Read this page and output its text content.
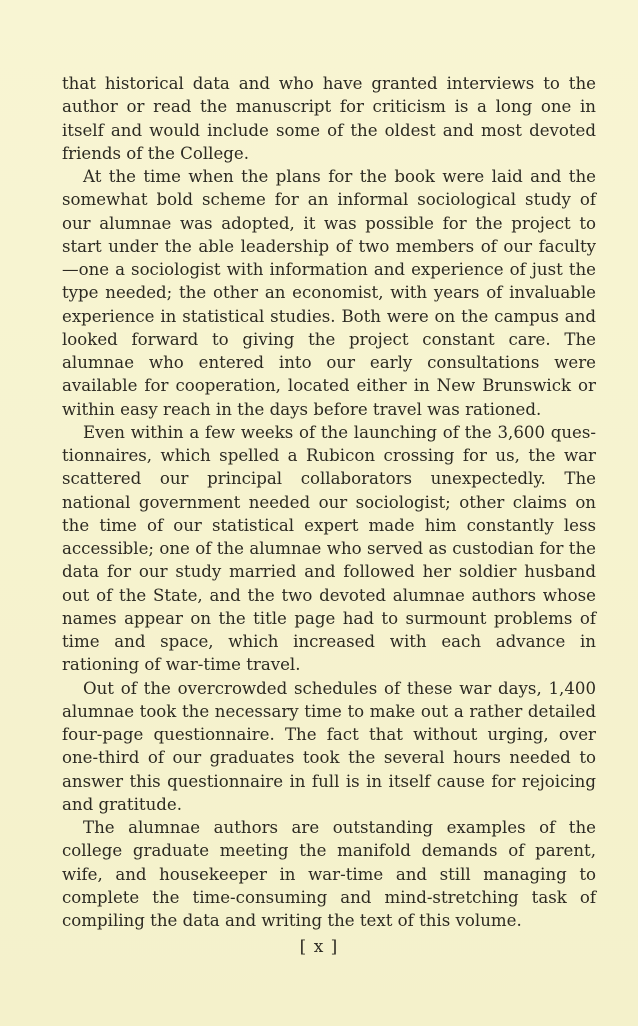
that historical data and who have granted interviews to the author or read the manuscript for criticism is a long one in itself and would include some of the oldest and most devoted friends of the College.

At the time when the plans for the book were laid and the somewhat bold scheme for an informal sociological study of our alumnae was adopted, it was possible for the project to start under the able leadership of two members of our faculty—one a sociologist with information and experience of just the type needed; the other an economist, with years of invaluable experience in statistical studies. Both were on the campus and looked forward to giving the project constant care. The alumnae who entered into our early consultations were available for cooperation, located either in New Brunswick or within easy reach in the days before travel was rationed.

Even within a few weeks of the launching of the 3,600 questionnaires, which spelled a Rubicon crossing for us, the war scattered our principal collaborators unexpectedly. The national government needed our sociologist; other claims on the time of our statistical expert made him constantly less accessible; one of the alumnae who served as custodian for the data for our study married and followed her soldier husband out of the State, and the two devoted alumnae authors whose names appear on the title page had to surmount problems of time and space, which increased with each advance in rationing of war-time travel.

Out of the overcrowded schedules of these war days, 1,400 alumnae took the necessary time to make out a rather detailed four-page questionnaire. The fact that without urging, over one-third of our graduates took the several hours needed to answer this questionnaire in full is in itself cause for rejoicing and gratitude.

The alumnae authors are outstanding examples of the college graduate meeting the manifold demands of parent, wife, and housekeeper in war-time and still managing to complete the time-consuming and mind-stretching task of compiling the data and writing the text of this volume.

[ x ]
